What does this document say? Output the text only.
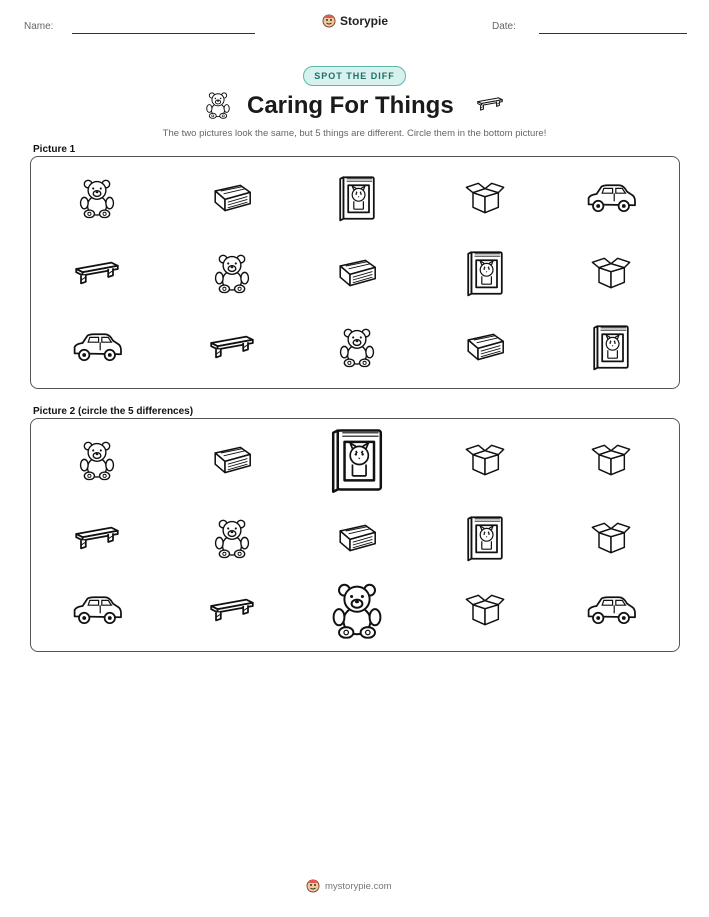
Name:	Storypie	Date:
SPOT THE DIFF
Caring For Things
The two pictures look the same, but 5 things are different. Circle them in the bottom picture!
Picture 1
Picture 2 (circle the 5 differences)
mystorypie.com
